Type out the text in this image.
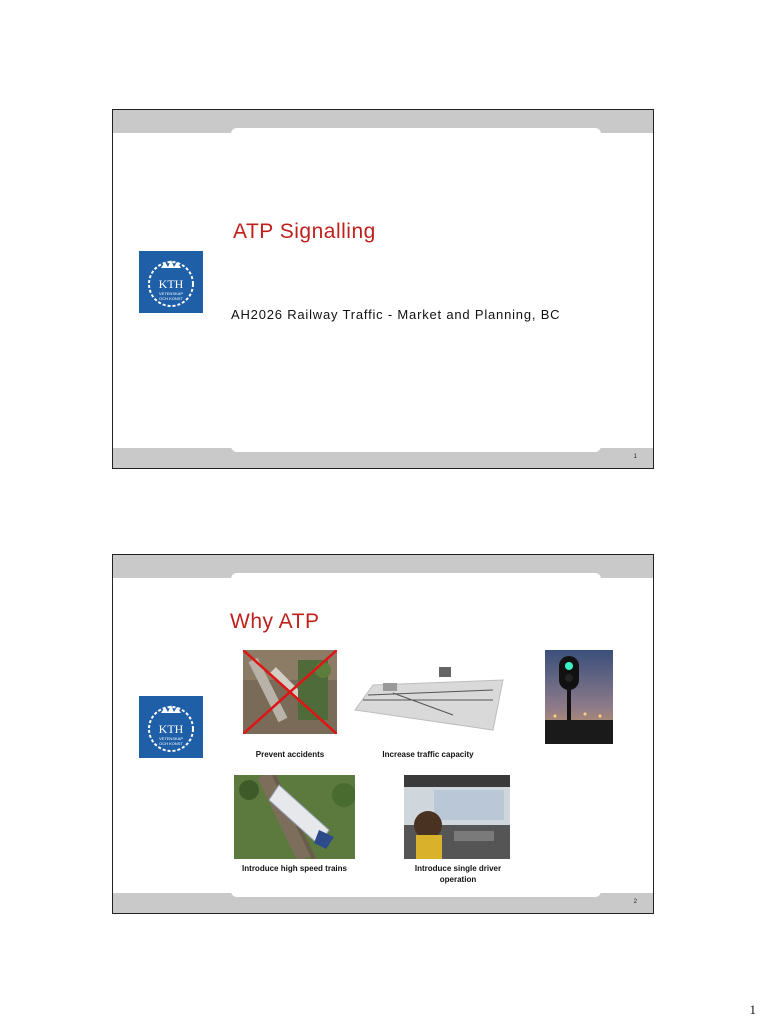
KTH
VETENSKAP
OCH KONST
ATP Signalling
AH2026 Railway Traffic - Market and Planning, BC
1
KTH
VETENSKAP
OCH KONST
Why ATP
Prevent accidents	Increase traffic capacity
Introduce high speed trains	Introduce single driver
operation
2
1
